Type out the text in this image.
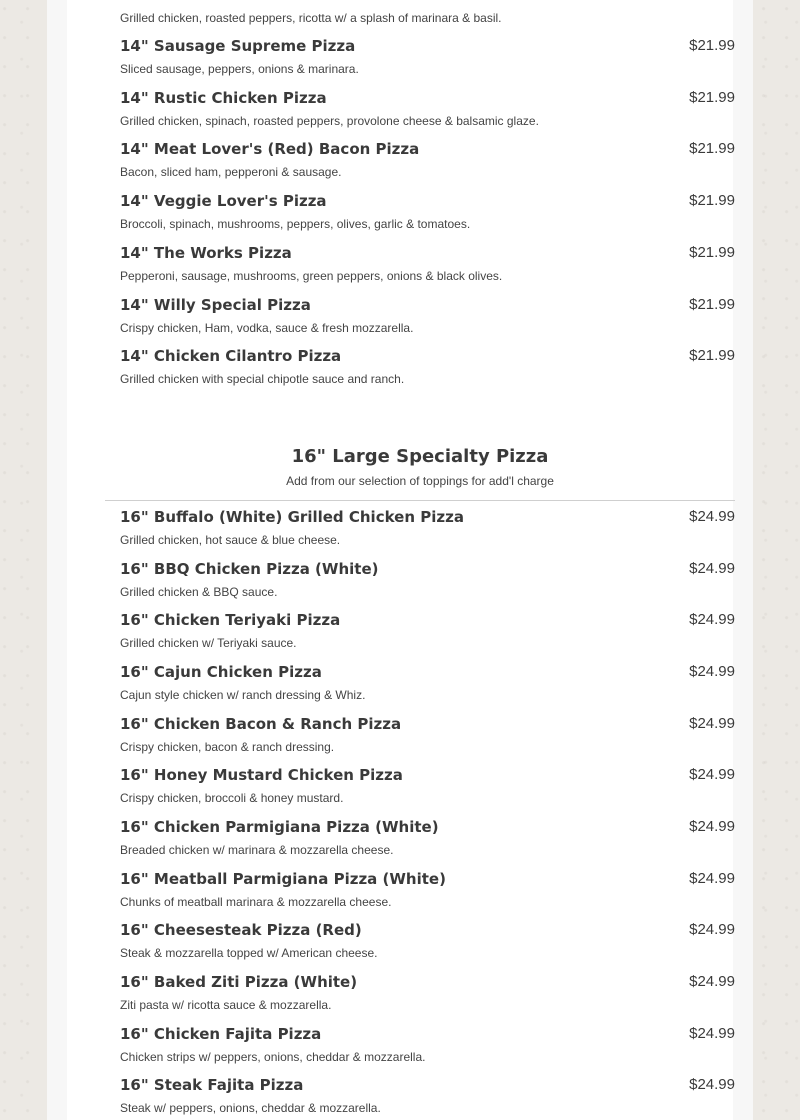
Grilled chicken, roasted peppers, ricotta w/ a splash of marinara & basil.
14" Sausage Supreme Pizza	$21.99
Sliced sausage, peppers, onions & marinara.
14" Rustic Chicken Pizza	$21.99
Grilled chicken, spinach, roasted peppers, provolone cheese & balsamic glaze.
14" Meat Lover's (Red) Bacon Pizza	$21.99
Bacon, sliced ham, pepperoni & sausage.
14" Veggie Lover's Pizza	$21.99
Broccoli, spinach, mushrooms, peppers, olives, garlic & tomatoes.
14" The Works Pizza	$21.99
Pepperoni, sausage, mushrooms, green peppers, onions & black olives.
14" Willy Special Pizza	$21.99
Crispy chicken, Ham, vodka, sauce & fresh mozzarella.
14" Chicken Cilantro Pizza	$21.99
Grilled chicken with special chipotle sauce and ranch.
16" Large Specialty Pizza
Add from our selection of toppings for add'l charge
16" Buffalo (White) Grilled Chicken Pizza	$24.99
Grilled chicken, hot sauce & blue cheese.
16" BBQ Chicken Pizza (White)	$24.99
Grilled chicken & BBQ sauce.
16" Chicken Teriyaki Pizza	$24.99
Grilled chicken w/ Teriyaki sauce.
16" Cajun Chicken Pizza	$24.99
Cajun style chicken w/ ranch dressing & Whiz.
16" Chicken Bacon & Ranch Pizza	$24.99
Crispy chicken, bacon & ranch dressing.
16" Honey Mustard Chicken Pizza	$24.99
Crispy chicken, broccoli & honey mustard.
16" Chicken Parmigiana Pizza (White)	$24.99
Breaded chicken w/ marinara & mozzarella cheese.
16" Meatball Parmigiana Pizza (White)	$24.99
Chunks of meatball marinara & mozzarella cheese.
16" Cheesesteak Pizza (Red)	$24.99
Steak & mozzarella topped w/ American cheese.
16" Baked Ziti Pizza (White)	$24.99
Ziti pasta w/ ricotta sauce & mozzarella.
16" Chicken Fajita Pizza	$24.99
Chicken strips w/ peppers, onions, cheddar & mozzarella.
16" Steak Fajita Pizza	$24.99
Steak w/ peppers, onions, cheddar & mozzarella.
